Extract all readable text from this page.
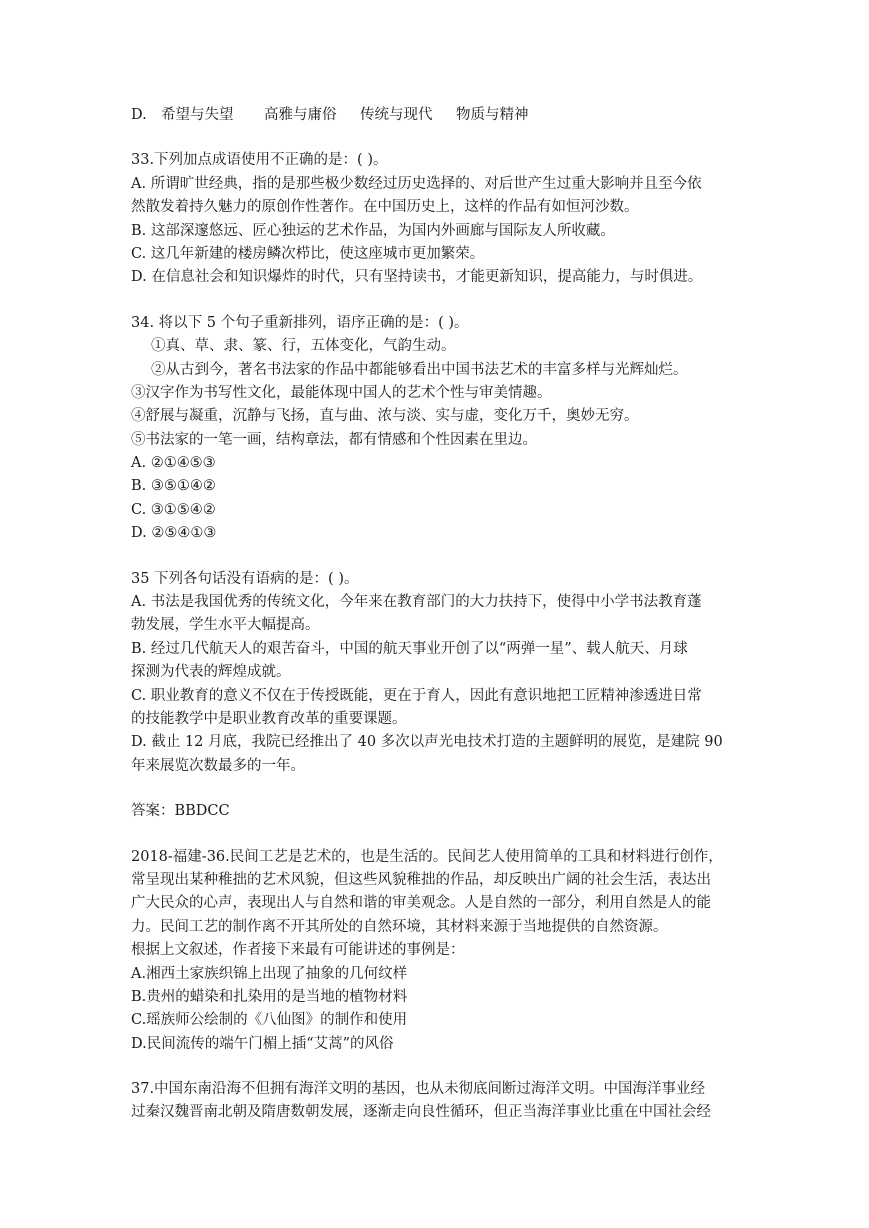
D. 希望与失望 高雅与庸俗 传统与现代 物质与精神
33.下列加点成语使用不正确的是：( )。
A. 所谓旷世经典，指的是那些极少数经过历史选择的、对后世产生过重大影响并且至今依
然散发着持久魅力的原创作性著作。在中国历史上，这样的作品有如恒河沙数。
B. 这部深邃悠远、匠心独运的艺术作品，为国内外画廊与国际友人所收藏。
C. 这几年新建的楼房鳞次栉比，使这座城市更加繁荣。
D. 在信息社会和知识爆炸的时代，只有坚持读书，才能更新知识，提高能力，与时俱进。
34. 将以下 5 个句子重新排列，语序正确的是：( )。
①真、草、隶、篆、行，五体变化，气韵生动。
②从古到今，著名书法家的作品中都能够看出中国书法艺术的丰富多样与光辉灿烂。
③汉字作为书写性文化，最能体现中国人的艺术个性与审美情趣。
④舒展与凝重，沉静与飞扬，直与曲、浓与淡、实与虚，变化万千，奥妙无穷。
⑤书法家的一笔一画，结构章法，都有情感和个性因素在里边。
A. ②①④⑤③
B. ③⑤①④②
C. ③①⑤④②
D. ②⑤④①③
35 下列各句话没有语病的是：( )。
A. 书法是我国优秀的传统文化，今年来在教育部门的大力扶持下，使得中小学书法教育蓬
勃发展，学生水平大幅提高。
B. 经过几代航天人的艰苦奋斗，中国的航天事业开创了以“两弹一星”、载人航天、月球
探测为代表的辉煌成就。
C. 职业教育的意义不仅在于传授既能，更在于育人，因此有意识地把工匠精神渗透进日常
的技能教学中是职业教育改革的重要课题。
D. 截止 12 月底，我院已经推出了 40 多次以声光电技术打造的主题鲜明的展览，是建院 90
年来展览次数最多的一年。
答案：BBDCC
2018-福建-36.民间工艺是艺术的，也是生活的。民间艺人使用简单的工具和材料进行创作，
常呈现出某种稚拙的艺术风貌，但这些风貌稚拙的作品，却反映出广阔的社会生活，表达出
广大民众的心声，表现出人与自然和谐的审美观念。人是自然的一部分，利用自然是人的能
力。民间工艺的制作离不开其所处的自然环境，其材料来源于当地提供的自然资源。
根据上文叙述，作者接下来最有可能讲述的事例是：
A.湘西土家族织锦上出现了抽象的几何纹样
B.贵州的蜡染和扎染用的是当地的植物材料
C.瑶族师公绘制的《八仙图》的制作和使用
D.民间流传的端午门楣上插“艾蒿”的风俗
37.中国东南沿海不但拥有海洋文明的基因，也从未彻底间断过海洋文明。中国海洋事业经
过秦汉魏晋南北朝及隋唐数朝发展，逐渐走向良性循环，但正当海洋事业比重在中国社会经
